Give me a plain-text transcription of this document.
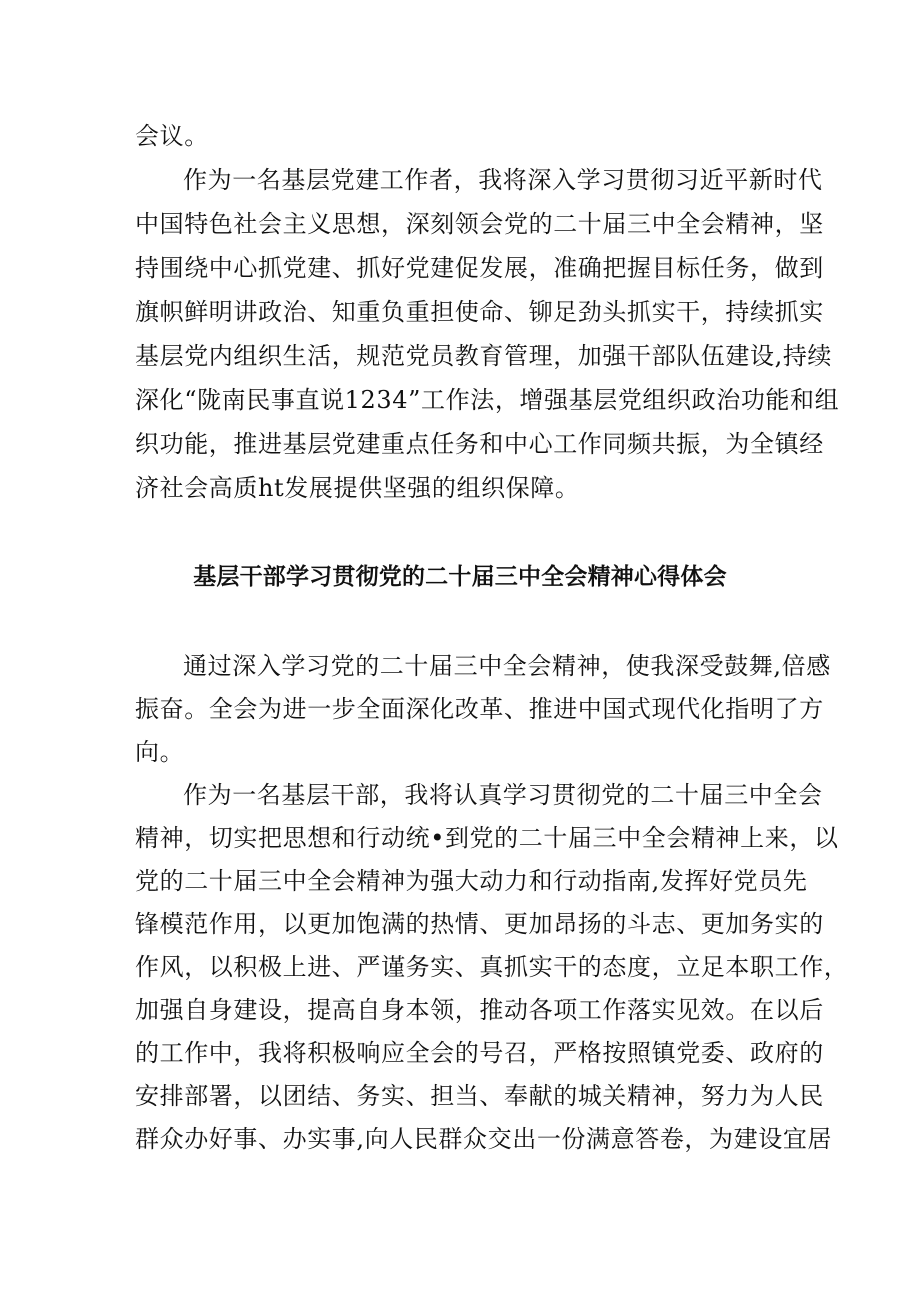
会议。
作为一名基层党建工作者，我将深入学习贯彻习近平新时代
中国特色社会主义思想，深刻领会党的二十届三中全会精神，坚
持围绕中心抓党建、抓好党建促发展，准确把握目标任务，做到
旗帜鲜明讲政治、知重负重担使命、铆足劲头抓实干，持续抓实
基层党内组织生活，规范党员教育管理，加强干部队伍建设,持续
深化“陇南民事直说1234”工作法，增强基层党组织政治功能和组
织功能，推进基层党建重点任务和中心工作同频共振，为全镇经
济社会高质ht发展提供坚强的组织保障。
基层干部学习贯彻党的二十届三中全会精神心得体会
通过深入学习党的二十届三中全会精神，使我深受鼓舞,倍感
振奋。全会为进一步全面深化改革、推进中国式现代化指明了方
向。
作为一名基层干部，我将认真学习贯彻党的二十届三中全会
精神，切实把思想和行动统•到党的二十届三中全会精神上来，以
党的二十届三中全会精神为强大动力和行动指南,发挥好党员先
锋模范作用，以更加饱满的热情、更加昂扬的斗志、更加务实的
作风，以积极上进、严谨务实、真抓实干的态度，立足本职工作，
加强自身建设，提高自身本领，推动各项工作落实见效。在以后
的工作中，我将积极响应全会的号召，严格按照镇党委、政府的
安排部署，以团结、务实、担当、奉献的城关精神，努力为人民
群众办好事、办实事,向人民群众交出一份满意答卷，为建设宜居
